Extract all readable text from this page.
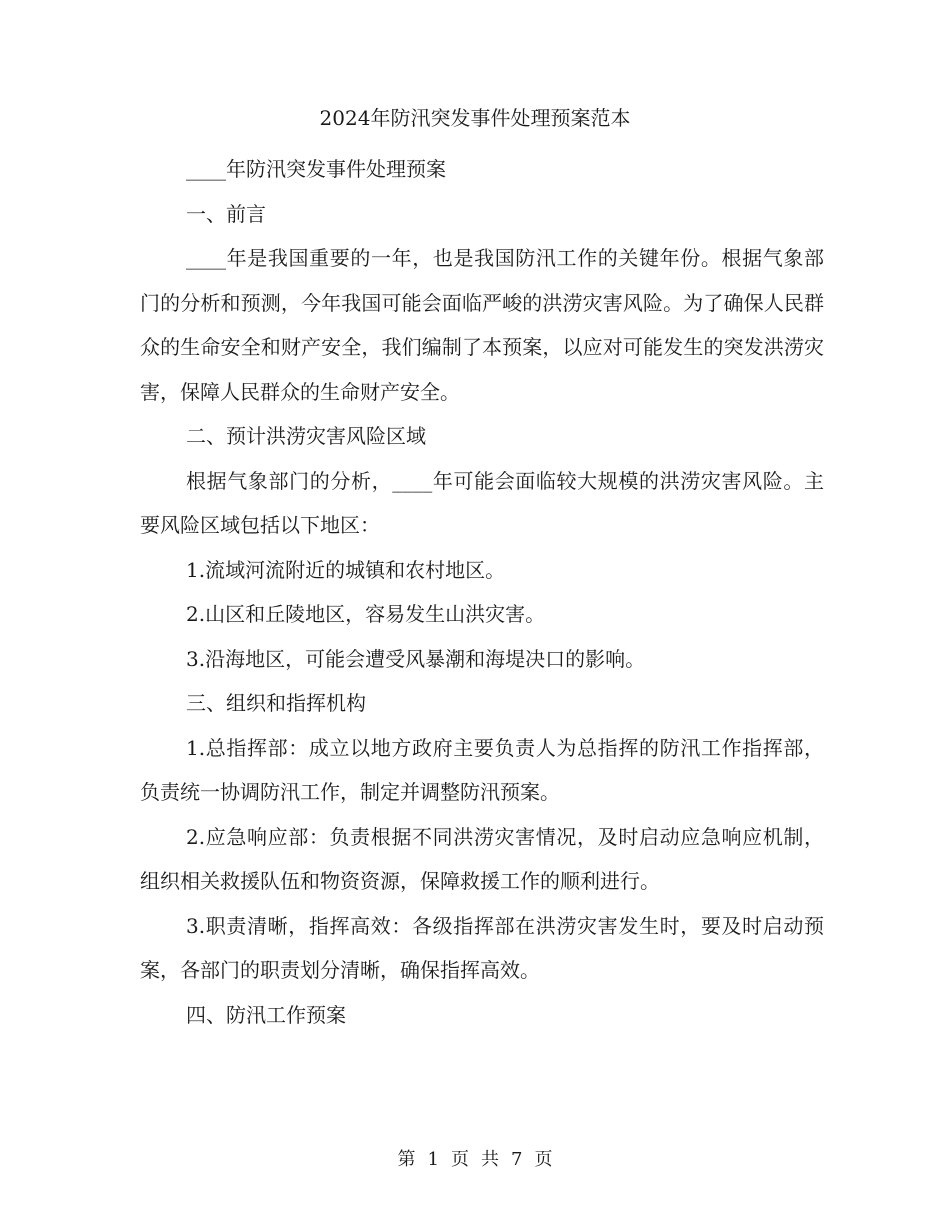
2024年防汛突发事件处理预案范本

____年防汛突发事件处理预案

一、前言

____年是我国重要的一年，也是我国防汛工作的关键年份。根据气象部门的分析和预测，今年我国可能会面临严峻的洪涝灾害风险。为了确保人民群众的生命安全和财产安全，我们编制了本预案，以应对可能发生的突发洪涝灾害，保障人民群众的生命财产安全。

二、预计洪涝灾害风险区域

根据气象部门的分析，____年可能会面临较大规模的洪涝灾害风险。主要风险区域包括以下地区：

1.流域河流附近的城镇和农村地区。

2.山区和丘陵地区，容易发生山洪灾害。

3.沿海地区，可能会遭受风暴潮和海堤决口的影响。

三、组织和指挥机构

1.总指挥部：成立以地方政府主要负责人为总指挥的防汛工作指挥部，负责统一协调防汛工作，制定并调整防汛预案。

2.应急响应部：负责根据不同洪涝灾害情况，及时启动应急响应机制，组织相关救援队伍和物资资源，保障救援工作的顺利进行。

3.职责清晰，指挥高效：各级指挥部在洪涝灾害发生时，要及时启动预案，各部门的职责划分清晰，确保指挥高效。

四、防汛工作预案

第 1 页 共 7 页
